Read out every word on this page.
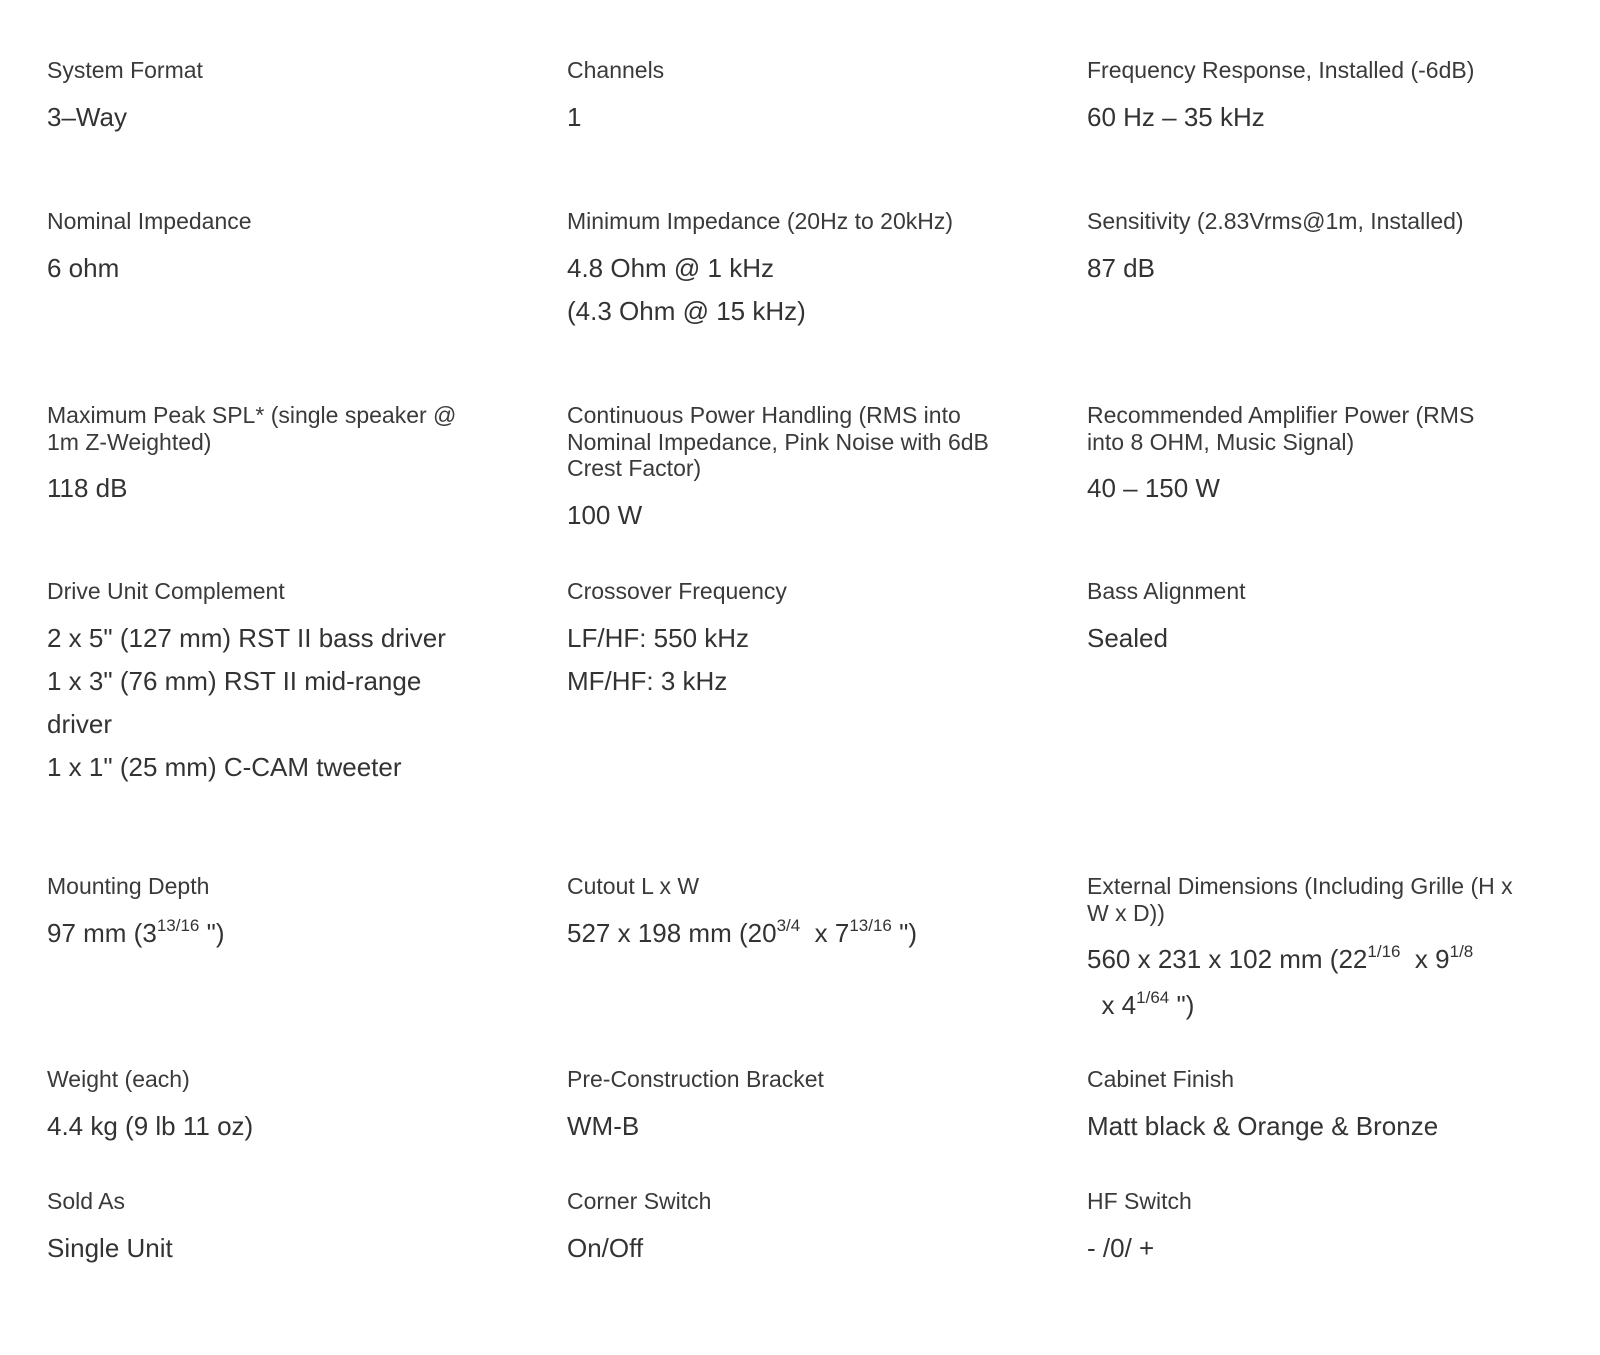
System Format
3–Way
Channels
1
Frequency Response, Installed (-6dB)
60 Hz – 35 kHz
Nominal Impedance
6 ohm
Minimum Impedance (20Hz to 20kHz)
4.8 Ohm @ 1 kHz
(4.3 Ohm @ 15 kHz)
Sensitivity (2.83Vrms@1m, Installed)
87 dB
Maximum Peak SPL* (single speaker @ 1m Z-Weighted)
118 dB
Continuous Power Handling (RMS into Nominal Impedance, Pink Noise with 6dB Crest Factor)
100 W
Recommended Amplifier Power (RMS into 8 OHM, Music Signal)
40 – 150 W
Drive Unit Complement
2 x 5" (127 mm) RST II bass driver
1 x 3" (76 mm) RST II mid-range driver
1 x 1" (25 mm) C-CAM tweeter
Crossover Frequency
LF/HF: 550 kHz
MF/HF: 3 kHz
Bass Alignment
Sealed
Mounting Depth
97 mm ($3^{13/16}$ ")
Cutout L x W
527 x 198 mm ($20^{3/4}$  x $7^{13/16}$ ")
External Dimensions (Including Grille (H x W x D))
560 x 231 x 102 mm ($22^{1/16}$  x $9^{1/8}$  x $4^{1/64}$ ")
Weight (each)
4.4 kg (9 lb 11 oz)
Pre-Construction Bracket
WM-B
Cabinet Finish
Matt black & Orange & Bronze
Sold As
Single Unit
Corner Switch
On/Off
HF Switch
- /0/ +
